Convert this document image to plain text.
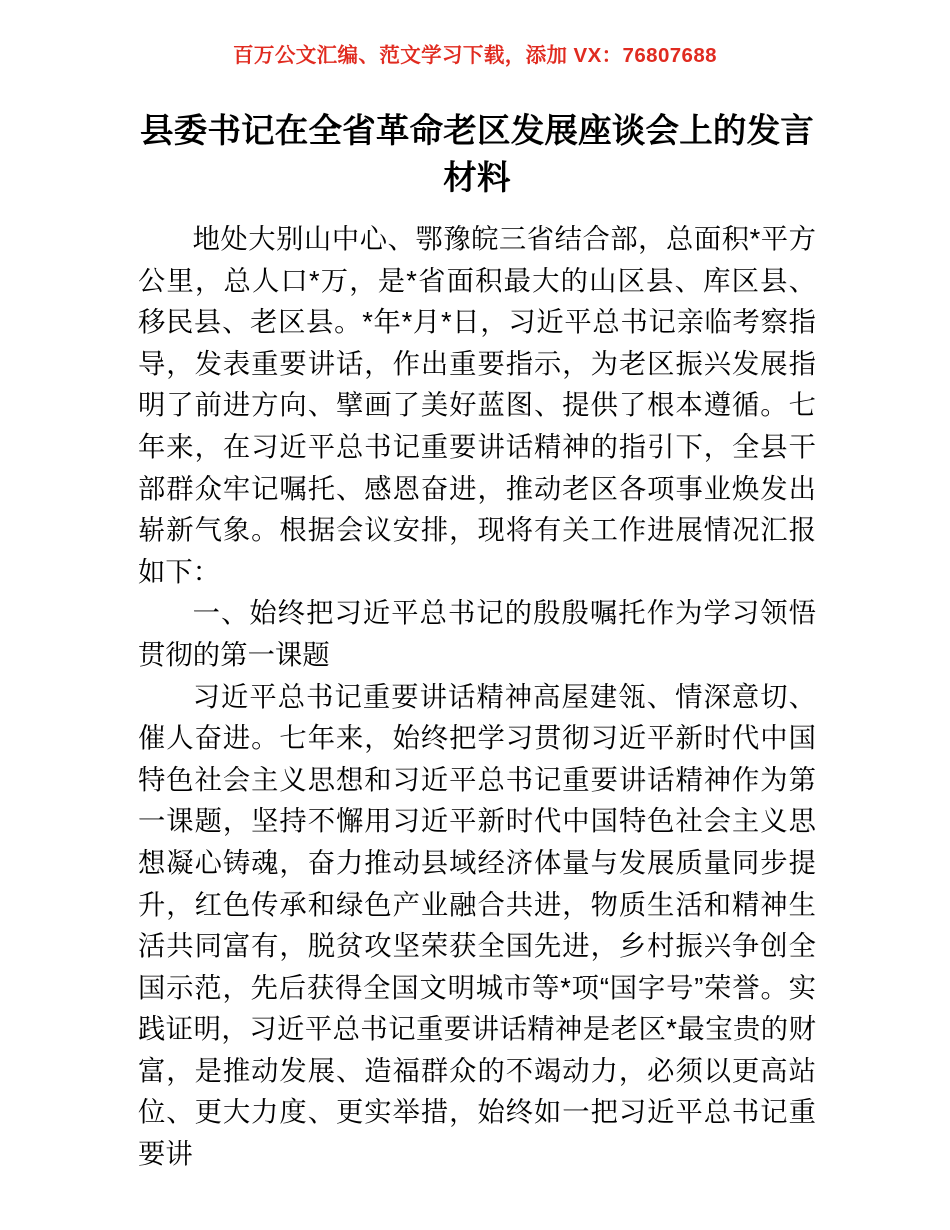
百万公文汇编、范文学习下载，添加 VX：76807688
县委书记在全省革命老区发展座谈会上的发言材料

地处大别山中心、鄂豫皖三省结合部，总面积*平方公里，总人口*万，是*省面积最大的山区县、库区县、移民县、老区县。*年*月*日，习近平总书记亲临考察指导，发表重要讲话，作出重要指示，为老区振兴发展指明了前进方向、擘画了美好蓝图、提供了根本遵循。七年来，在习近平总书记重要讲话精神的指引下，全县干部群众牢记嘱托、感恩奋进，推动老区各项事业焕发出崭新气象。根据会议安排，现将有关工作进展情况汇报如下：

一、始终把习近平总书记的殷殷嘱托作为学习领悟贯彻的第一课题

习近平总书记重要讲话精神高屋建瓴、情深意切、催人奋进。七年来，始终把学习贯彻习近平新时代中国特色社会主义思想和习近平总书记重要讲话精神作为第一课题，坚持不懈用习近平新时代中国特色社会主义思想凝心铸魂，奋力推动县域经济体量与发展质量同步提升，红色传承和绿色产业融合共进，物质生活和精神生活共同富有，脱贫攻坚荣获全国先进，乡村振兴争创全国示范，先后获得全国文明城市等*项“国字号”荣誉。实践证明，习近平总书记重要讲话精神是老区*最宝贵的财富，是推动发展、造福群众的不竭动力，必须以更高站位、更大力度、更实举措，始终如一把习近平总书记重要讲
